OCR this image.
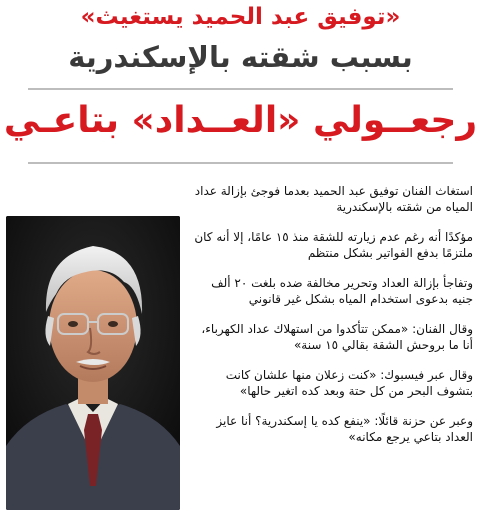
«توفيق عبد الحميد يستغيث»
بسبب شقته بالإسكندرية
رجعــولي «العــداد» بتاعـي

استغاث الفنان توفيق عبد الحميد بعدما فوجئ بإزالة عداد المياه من شقته بالإسكندرية

مؤكدًا أنه رغم عدم زيارته للشقة منذ ١٥ عامًا، إلا أنه كان ملتزمًا بدفع الفواتير بشكل منتظم

وتفاجأ بإزالة العداد وتحرير مخالفة ضده بلغت ٢٠ ألف جنيه بدعوى استخدام المياه بشكل غير قانوني

وقال الفنان: «ممكن تتأكدوا من استهلاك عداد الكهرباء، أنا ما بروحش الشقة بقالي ١٥ سنة»

وقال عبر فيسبوك: «كنت زعلان منها علشان كانت بتشوف البحر من كل حتة وبعد كده اتغير حالها»

وعبر عن حزنة قائلًا: «ينفع كده يا إسكندرية؟ أنا عايز العداد بتاعي يرجع مكانه»
